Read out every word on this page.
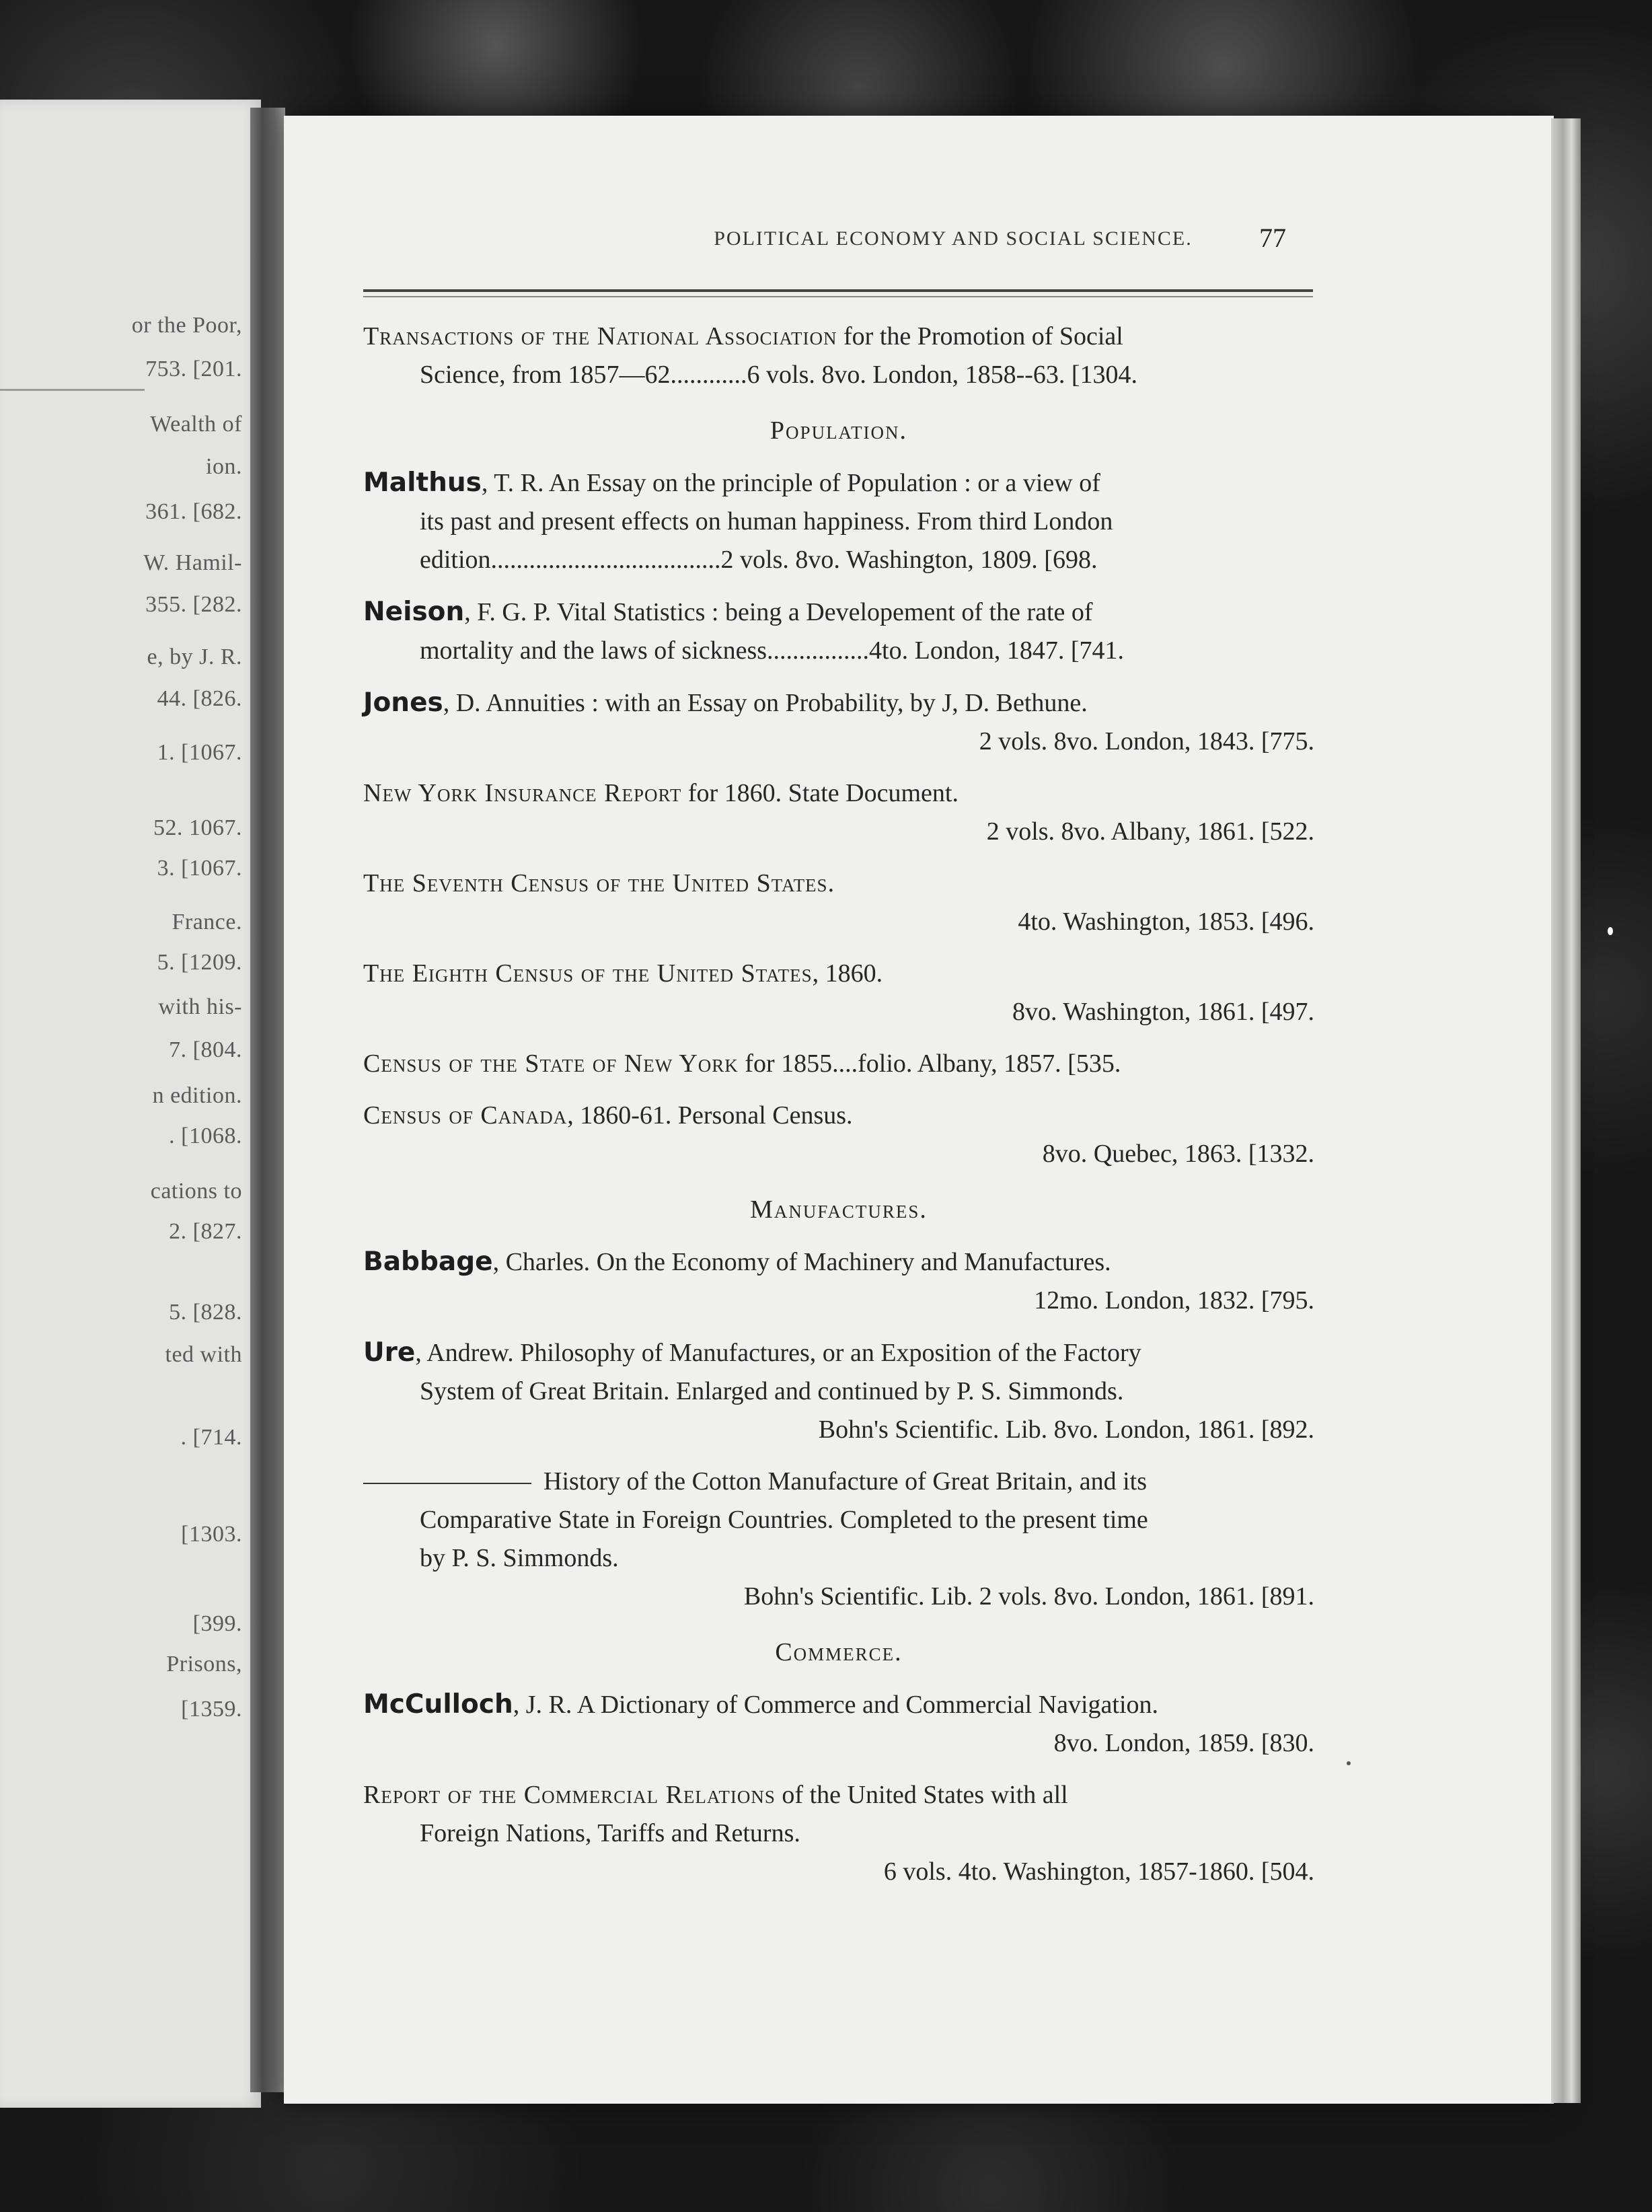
or the Poor,
753. [201.
Wealth of
ion.
361. [682.
W. Hamil-
355. [282.
e, by J. R.
44. [826.
1. [1067.
52. 1067.
3. [1067.
France.
5. [1209.
with his-
7. [804.
n edition.
. [1068.
cations to
2. [827.
5. [828.
ted with
. [714.
[1303.
[399.
Prisons,
[1359.
POLITICAL ECONOMY AND SOCIAL SCIENCE.	77
Transactions of the National Association for the Promotion of Social
Science, from 1857—62............6 vols. 8vo. London, 1858--63. [1304.
Population.
Malthus, T. R. An Essay on the principle of Population : or a view of
its past and present effects on human happiness. From third London
edition....................................2 vols. 8vo. Washington, 1809. [698.
Neison, F. G. P. Vital Statistics : being a Developement of the rate of
mortality and the laws of sickness................4to. London, 1847. [741.
Jones, D. Annuities : with an Essay on Probability, by J, D. Bethune.
2 vols. 8vo. London, 1843. [775.
New York Insurance Report for 1860. State Document.
2 vols. 8vo. Albany, 1861. [522.
The Seventh Census of the United States.
4to. Washington, 1853. [496.
The Eighth Census of the United States, 1860.
8vo. Washington, 1861. [497.
Census of the State of New York for 1855....folio. Albany, 1857. [535.
Census of Canada, 1860-61. Personal Census.
8vo. Quebec, 1863. [1332.
Manufactures.
Babbage, Charles. On the Economy of Machinery and Manufactures.
12mo. London, 1832. [795.
Ure, Andrew. Philosophy of Manufactures, or an Exposition of the Factory
System of Great Britain. Enlarged and continued by P. S. Simmonds.
Bohn's Scientific. Lib. 8vo. London, 1861. [892.
History of the Cotton Manufacture of Great Britain, and its
Comparative State in Foreign Countries. Completed to the present time
by P. S. Simmonds.
Bohn's Scientific. Lib. 2 vols. 8vo. London, 1861. [891.
Commerce.
McCulloch, J. R. A Dictionary of Commerce and Commercial Navigation.
8vo. London, 1859. [830.
Report of the Commercial Relations of the United States with all
Foreign Nations, Tariffs and Returns.
6 vols. 4to. Washington, 1857-1860. [504.
